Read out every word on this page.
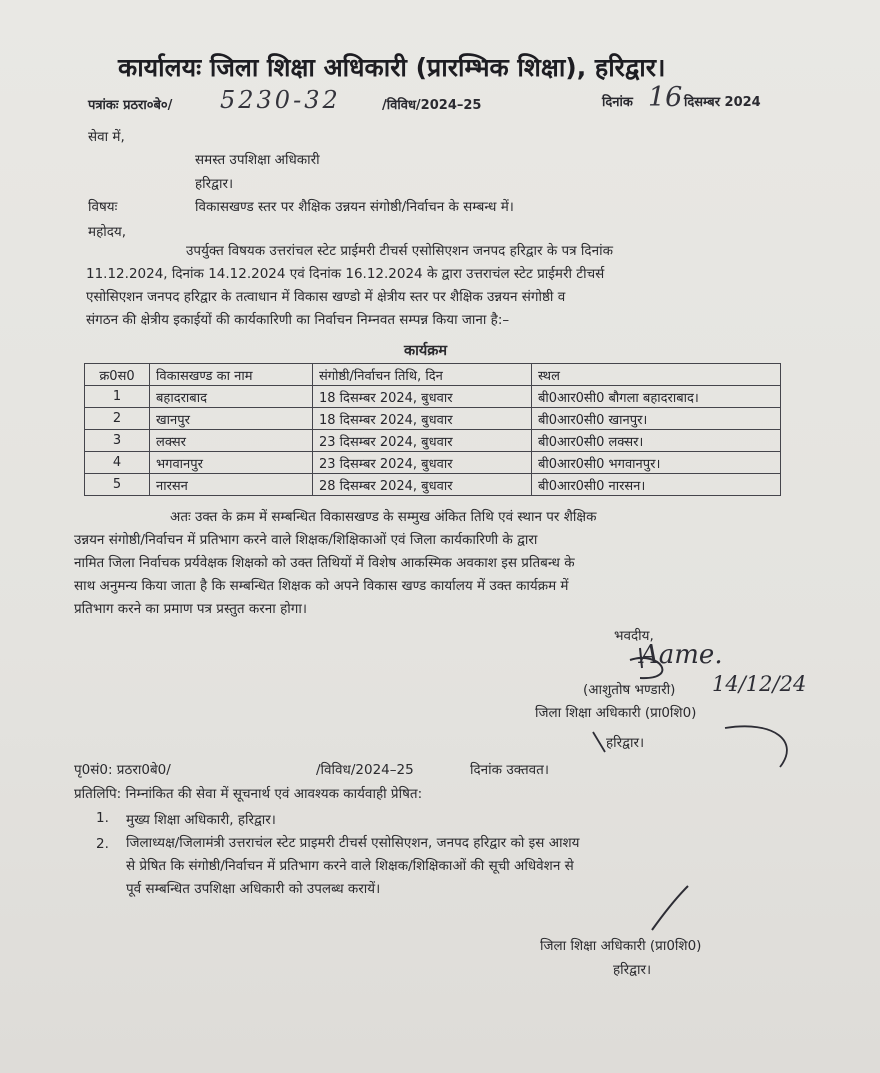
कार्यालयः जिला शिक्षा अधिकारी (प्रारम्भिक शिक्षा), हरिद्वार।
पत्रांकः प्रठरा०बे०/ 5230-32	/विविध/2024–25	दिनांक 16 दिसम्बर 2024
सेवा में,
समस्त उपशिक्षा अधिकारी
हरिद्वार।
विषयः	विकासखण्ड स्तर पर शैक्षिक उन्नयन संगोष्ठी/निर्वाचन के सम्बन्ध में।
महोदय,
उपर्युक्त विषयक उत्तरांचल स्टेट प्राईमरी टीचर्स एसोसिएशन जनपद हरिद्वार के पत्र दिनांक
11.12.2024, दिनांक 14.12.2024 एवं दिनांक 16.12.2024 के द्वारा उत्तराचंल स्टेट प्राईमरी टीचर्स
एसोसिएशन जनपद हरिद्वार के तत्वाधान में विकास खण्डो में क्षेत्रीय स्तर पर शैक्षिक उन्नयन संगोष्ठी व
संगठन की क्षेत्रीय इकाईयों की कार्यकारिणी का निर्वाचन निम्नवत सम्पन्न किया जाना है:–
कार्यक्रम
क्र0स0	विकासखण्ड का नाम	संगोष्ठी/निर्वाचन तिथि, दिन	स्थल
1	बहादराबाद	18 दिसम्बर 2024, बुधवार	बी0आर0सी0 बौगला बहादराबाद।
2	खानपुर	18 दिसम्बर 2024, बुधवार	बी0आर0सी0 खानपुर।
3	लक्सर	23 दिसम्बर 2024, बुधवार	बी0आर0सी0 लक्सर।
4	भगवानपुर	23 दिसम्बर 2024, बुधवार	बी0आर0सी0 भगवानपुर।
5	नारसन	28 दिसम्बर 2024, बुधवार	बी0आर0सी0 नारसन।
अतः उक्त के क्रम में सम्बन्धित विकासखण्ड के सम्मुख अंकित तिथि एवं स्थान पर शैक्षिक
उन्नयन संगोष्ठी/निर्वाचन में प्रतिभाग करने वाले शिक्षक/शिक्षिकाओं एवं जिला कार्यकारिणी के द्वारा
नामित जिला निर्वाचक प्रर्यवेक्षक शिक्षको को उक्त तिथियों में विशेष आकस्मिक अवकाश इस प्रतिबन्ध के
साथ अनुमन्य किया जाता है कि सम्बन्धित शिक्षक को अपने विकास खण्ड कार्यालय में उक्त कार्यक्रम में
प्रतिभाग करने का प्रमाण पत्र प्रस्तुत करना होगा।
भवदीय,
Aame.
(आशुतोष भण्डारी) 14/12/24
जिला शिक्षा अधिकारी (प्रा0शि0)
हरिद्वार।
पृ0सं0: प्रठरा0बे0/	/विविध/2024–25	दिनांक उक्तवत।
प्रतिलिपि: निम्नांकित की सेवा में सूचनार्थ एवं आवश्यक कार्यवाही प्रेषित:
1. मुख्य शिक्षा अधिकारी, हरिद्वार।
2. जिलाध्यक्ष/जिलामंत्री उत्तराचंल स्टेट प्राइमरी टीचर्स एसोसिएशन, जनपद हरिद्वार को इस आशय
से प्रेषित कि संगोष्ठी/निर्वाचन में प्रतिभाग करने वाले शिक्षक/शिक्षिकाओं की सूची अधिवेशन से
पूर्व सम्बन्धित उपशिक्षा अधिकारी को उपलब्ध करायें।
जिला शिक्षा अधिकारी (प्रा0शि0)
हरिद्वार।
